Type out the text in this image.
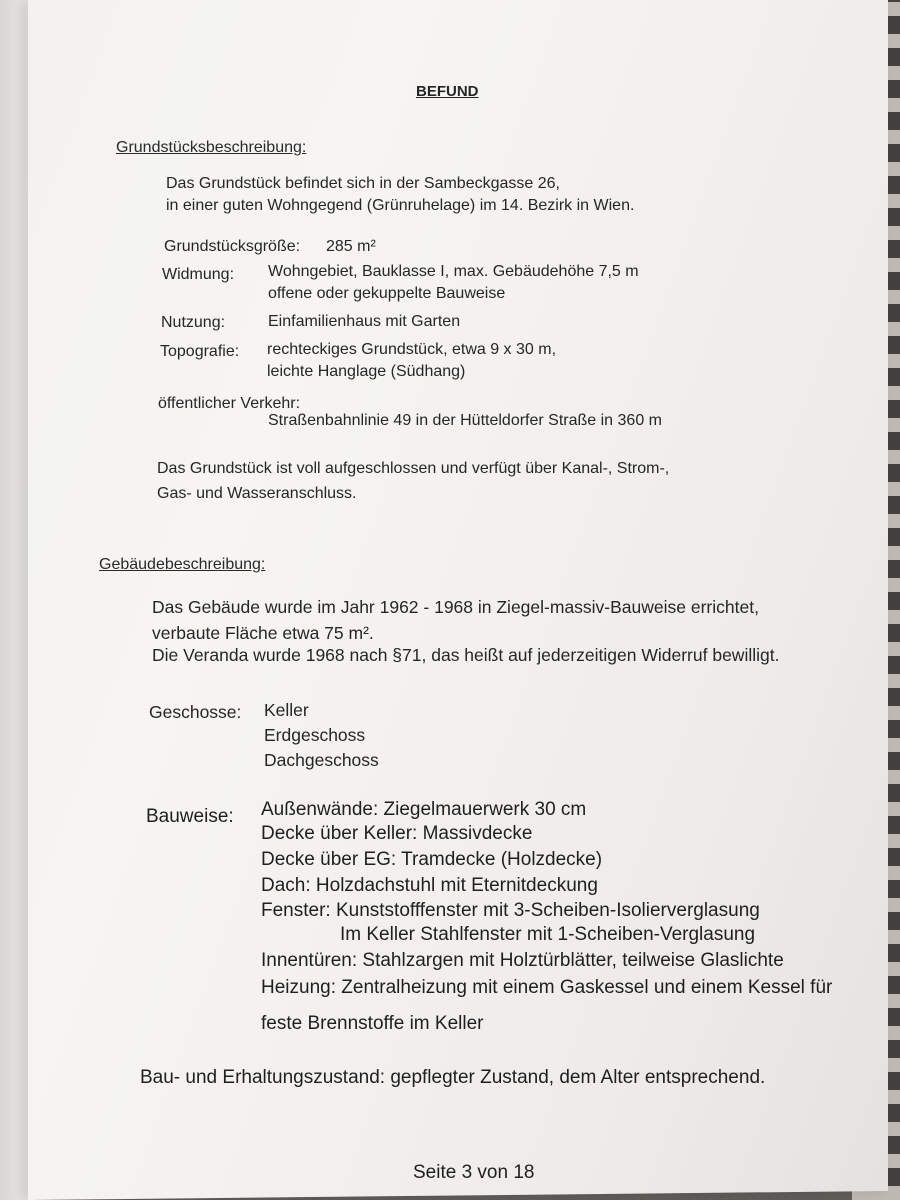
BEFUND
Grundstücksbeschreibung:
Das Grundstück befindet sich in der Sambeckgasse 26,
in einer guten Wohngegend (Grünruhelage) im 14. Bezirk in Wien.
Grundstücksgröße: 285 m²
Widmung: Wohngebiet, Bauklasse I, max. Gebäudehöhe 7,5 m
offene oder gekuppelte Bauweise
Nutzung:	Einfamilienhaus mit Garten
Topografie: rechteckiges Grundstück, etwa 9 x 30 m,
leichte Hanglage (Südhang)
öffentlicher Verkehr:
Straßenbahnlinie 49 in der Hütteldorfer Straße in 360 m
Das Grundstück ist voll aufgeschlossen und verfügt über Kanal-, Strom-,
Gas- und Wasseranschluss.
Gebäudebeschreibung:
Das Gebäude wurde im Jahr 1962 - 1968 in Ziegel-massiv-Bauweise errichtet,
verbaute Fläche etwa 75 m².
Die Veranda wurde 1968 nach §71, das heißt auf jederzeitigen Widerruf bewilligt.
Geschosse: Keller
Erdgeschoss
Dachgeschoss
Bauweise: Außenwände: Ziegelmauerwerk 30 cm
Decke über Keller: Massivdecke
Decke über EG: Tramdecke (Holzdecke)
Dach: Holzdachstuhl mit Eternitdeckung
Fenster: Kunststofffenster mit 3-Scheiben-Isolierverglasung
Im Keller Stahlfenster mit 1-Scheiben-Verglasung
Innentüren: Stahlzargen mit Holztürblätter, teilweise Glaslichte
Heizung: Zentralheizung mit einem Gaskessel und einem Kessel für
feste Brennstoffe im Keller
Bau- und Erhaltungszustand: gepflegter Zustand, dem Alter entsprechend.
Seite 3 von 18
